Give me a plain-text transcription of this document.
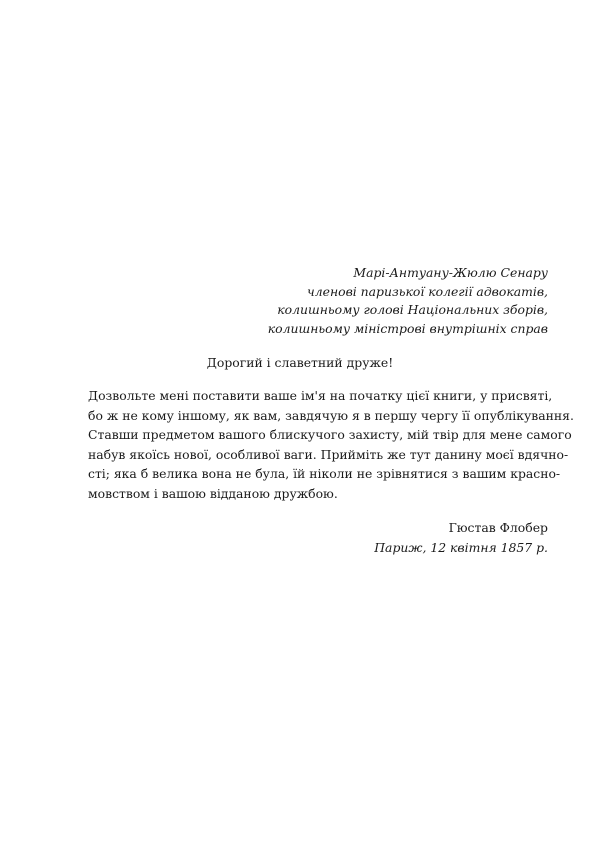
Марі-Антуану-Жюлю Сенару
членові паризької колегії адвокатів,
колишньому голові Національних зборів,
колишньому міністрові внутрішніх справ
Дорогий і славетний друже!
Дозвольте мені поставити ваше ім'я на початку цієї книги, у присвяті,
бо ж не кому іншому, як вам, завдячую я в першу чергу її опублікування.
Ставши предметом вашого блискучого захисту, мій твір для мене самого
набув якоїсь нової, особливої ваги. Прийміть же тут данину моєї вдячно-
сті; яка б велика вона не була, їй ніколи не зрівнятися з вашим красно-
мовством і вашою відданою дружбою.
Гюстав Флобер
Париж, 12 квітня 1857 р.
